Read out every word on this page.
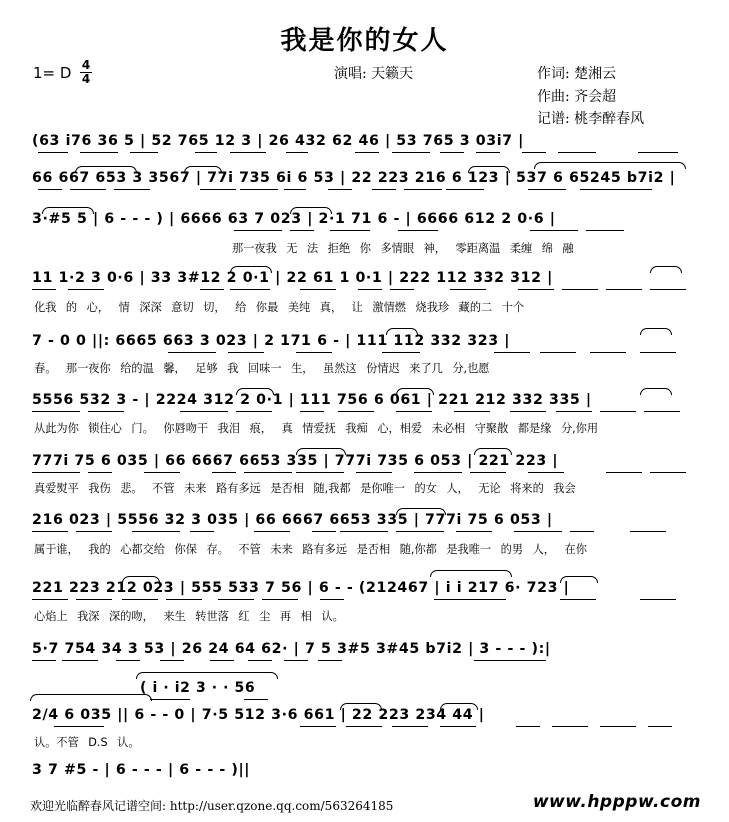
我是你的女人
1= D 4
4	演唱: 天籁天	作词: 楚湘云
作曲: 齐会超
记谱: 桃李醉春风
(63 i76 36 5 | 52 765 12 3 | 26 432 62 46 | 53 765 3 03i7 |
66 667 653 3 3567 | 77i 735 6i 6 53 | 22 223 216 6 123 | 537 6 65245 b7i2 |
3·#5 5 | 6 - - - ) | 6666 63 7 023 | 2·1 71 6 - | 6666 612 2 0·6 |
那一夜我 无 法 拒绝 你 多情眼 神， 零距离温 柔缠 绵 融
11 1·2 3 0·6 | 33 3#12 2 0·1 | 22 61 1 0·1 | 222 112 332 312 |
化我 的 心， 情 深深 意切 切， 给 你最 美纯 真， 让 激情燃 烧我珍 藏的二 十个
7 - 0 0 ||: 6665 663 3 023 | 2 171 6 - | 111 112 332 323 |
春。 那一夜你 给的温 馨， 足够 我 回味一 生， 虽然这 份情迟 来了几 分,也愿
5556 532 3 - | 2224 312 2 0·1 | 111 756 6 061 | 221 212 332 335 |
从此为你 锁住心 门。 你唇吻干 我泪 痕， 真 情爱抚 我痴 心，相爱 未必相 守聚散 都是缘 分,你用
777i 75 6 035 | 66 6667 6653 335 | 777i 735 6 053 | 221 223 |
真爱熨平 我伤 悲。 不管 未来 路有多远 是否相 随,我都 是你唯一 的女 人， 无论 将来的 我会
216 023 | 5556 32 3 035 | 66 6667 6653 335 | 777i 75 6 053 |
属于谁， 我的 心都交给 你保 存。 不管 未来 路有多远 是否相 随,你都 是我唯一 的男 人， 在你
221 223 212 023 | 555 533 7 56 | 6 - - (212467 | i i 217 6· 723 |
心焰上 我深 深的吻， 来生 转世落 红 尘 再 相 认。
5·7 754 34 3 53 | 26 24 64 62· | 7 5 3#5 3#45 b7i2 | 3 - - - ):|
( i · i2 3 · · 56
2/4 6 035 || 6 - - 0 | 7·5 512 3·6 661 | 22 223 234 44 |
认。不管 D.S 认。
3 7 #5 - | 6 - - - | 6 - - - )||
欢迎光临醉春风记谱空间: http://user.qzone.qq.com/563264185	www.hpppw.com
